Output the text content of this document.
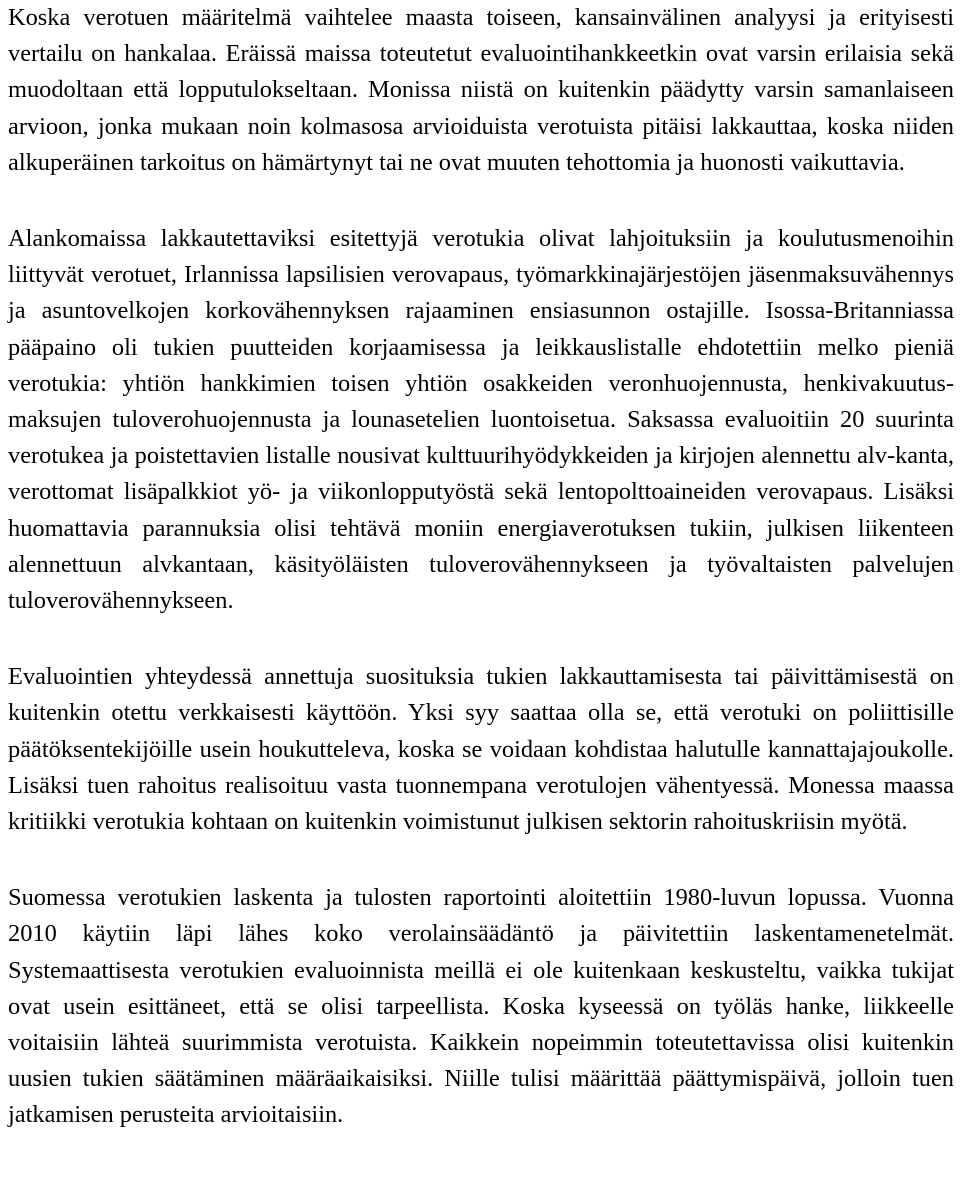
Koska verotuen määritelmä vaihtelee maasta toiseen, kansainvälinen analyysi ja erityisesti vertailu on hankalaa. Eräissä maissa toteutetut evaluointihankkeetkin ovat varsin erilaisia sekä muodoltaan että lopputulokseltaan. Monissa niistä on kuitenkin päädytty varsin samanlaiseen arvioon, jonka mukaan noin kolmasosa arvioiduista verotuista pitäisi lakkauttaa, koska niiden alkuperäinen tarkoitus on hämärtynyt tai ne ovat muuten tehottomia ja huonosti vaikuttavia.

Alankomaissa lakkautettaviksi esitettyjä verotukia olivat lahjoituksiin ja koulutusmenoihin liittyvät verotuet, Irlannissa lapsilisien verovapaus, työmarkkinajärjestöjen jäsenmaksuvähennys ja asuntovelkojen korkovähennyksen rajaaminen ensiasunnon ostajille. Isossa-Britanniassa pääpaino oli tukien puutteiden korjaamisessa ja leikkauslistalle ehdotettiin melko pieniä verotukia: yhtiön hankkimien toisen yhtiön osakkeiden veronhuojennusta, henkivakuutusmaksujen tuloverohuojennusta ja lounasetelien luontoisetua. Saksassa evaluoitiin 20 suurinta verotukea ja poistettavien listalle nousivat kulttuurihyödykkeiden ja kirjojen alennettu alv-kanta, verottomat lisäpalkkiot yö- ja viikonlopputyöstä sekä lentopolttoaineiden verovapaus. Lisäksi huomattavia parannuksia olisi tehtävä moniin energiaverotuksen tukiin, julkisen liikenteen alennettuun alvkantaan, käsityöläisten tuloverovähennykseen ja työvaltaisten palvelujen tuloverovähennykseen.

Evaluointien yhteydessä annettuja suosituksia tukien lakkauttamisesta tai päivittämisestä on kuitenkin otettu verkkaisesti käyttöön. Yksi syy saattaa olla se, että verotuki on poliittisille päätöksentekijöille usein houkutteleva, koska se voidaan kohdistaa halutulle kannattajajoukolle. Lisäksi tuen rahoitus realisoituu vasta tuonnempana verotulojen vähentyessä. Monessa maassa kritiikki verotukia kohtaan on kuitenkin voimistunut julkisen sektorin rahoituskriisin myötä.

Suomessa verotukien laskenta ja tulosten raportointi aloitettiin 1980-luvun lopussa. Vuonna 2010 käytiin läpi lähes koko verolainsäädäntö ja päivitettiin laskentamenetelmät. Systemaattisesta verotukien evaluoinnista meillä ei ole kuitenkaan keskusteltu, vaikka tukijat ovat usein esittäneet, että se olisi tarpeellista. Koska kyseessä on työläs hanke, liikkeelle voitaisiin lähteä suurimmista verotuista. Kaikkein nopeimmin toteutettavissa olisi kuitenkin uusien tukien säätäminen määräaikaisiksi. Niille tulisi määrittää päättymispäivä, jolloin tuen jatkamisen perusteita arvioitaisiin.
